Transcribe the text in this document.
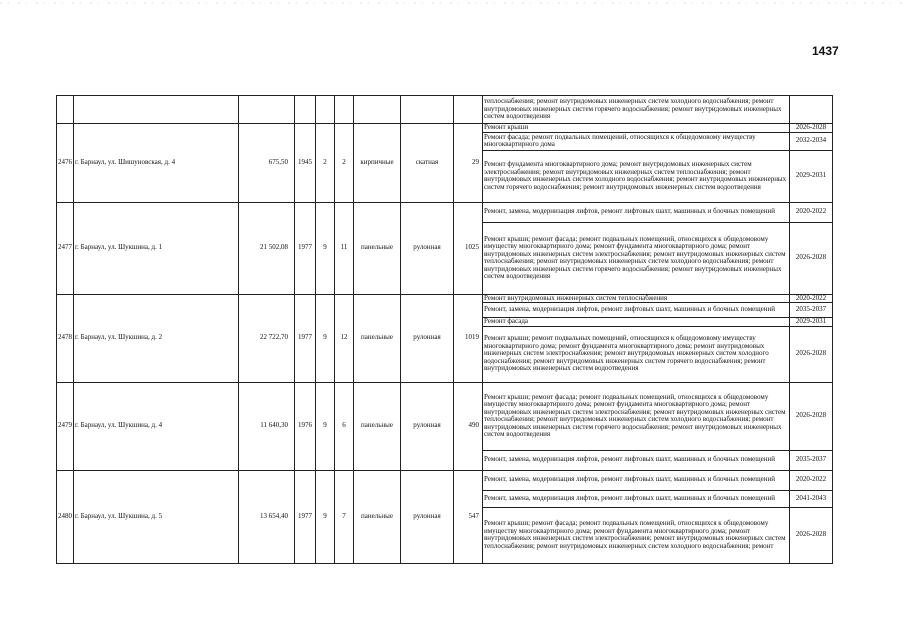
1437
									теплоснабжения; ремонт внутридомовых инженерных систем холодного водоснабжения; ремонт внутридомовых инженерных систем горячего водоснабжения; ремонт внутридомовых инженерных систем водоотведения	
2476	г. Барнаул, ул. Шишуновская, д. 4	675,50	1945	2	2	кирпичные	скатная	29	Ремонт крыши	2026-2028
									Ремонт фасада; ремонт подвальных помещений, относящихся к общедомовому имуществу многоквартирного дома	2032-2034
									Ремонт фундамента многоквартирного дома; ремонт внутридомовых инженерных систем электроснабжения; ремонт внутридомовых инженерных систем теплоснабжения; ремонт внутридомовых инженерных систем холодного водоснабжения; ремонт внутридомовых инженерных систем горячего водоснабжения; ремонт внутридомовых инженерных систем водоотведения	2029-2031
2477	г. Барнаул, ул. Шукшина, д. 1	21 502,08	1977	9	11	панельные	рулонная	1025	Ремонт, замена, модернизация лифтов, ремонт лифтовых шахт, машинных и блочных помещений	2020-2022
									Ремонт крыши; ремонт фасада; ремонт подвальных помещений, относящихся к общедомовому имуществу многоквартирного дома; ремонт фундамента многоквартирного дома; ремонт внутридомовых инженерных систем электроснабжения; ремонт внутридомовых инженерных систем теплоснабжения; ремонт внутридомовых инженерных систем холодного водоснабжения; ремонт внутридомовых инженерных систем горячего водоснабжения; ремонт внутридомовых инженерных систем водоотведения	2026-2028
2478	г. Барнаул, ул. Шукшина, д. 2	22 722,70	1977	9	12	панельные	рулонная	1019	Ремонт внутридомовых инженерных систем теплоснабжения	2020-2022
									Ремонт, замена, модернизация лифтов, ремонт лифтовых шахт, машинных и блочных помещений	2035-2037
									Ремонт фасада	2029-2031
									Ремонт крыши; ремонт подвальных помещений, относящихся к общедомовому имуществу многоквартирного дома; ремонт фундамента многоквартирного дома; ремонт внутридомовых инженерных систем электроснабжения; ремонт внутридомовых инженерных систем холодного водоснабжения; ремонт внутридомовых инженерных систем горячего водоснабжения; ремонт внутридомовых инженерных систем водоотведения	2026-2028
2479	г. Барнаул, ул. Шукшина, д. 4	11 640,30	1976	9	6	панельные	рулонная	490	Ремонт крыши; ремонт фасада; ремонт подвальных помещений, относящихся к общедомовому имуществу многоквартирного дома; ремонт фундамента многоквартирного дома; ремонт внутридомовых инженерных систем электроснабжения; ремонт внутридомовых инженерных систем теплоснабжения; ремонт внутридомовых инженерных систем холодного водоснабжения; ремонт внутридомовых инженерных систем горячего водоснабжения; ремонт внутридомовых инженерных систем водоотведения	2026-2028
									Ремонт, замена, модернизация лифтов, ремонт лифтовых шахт, машинных и блочных помещений	2035-2037
2480	г. Барнаул, ул. Шукшина, д. 5	13 654,40	1977	9	7	панельные	рулонная	547	Ремонт, замена, модернизация лифтов, ремонт лифтовых шахт, машинных и блочных помещений	2020-2022
									Ремонт, замена, модернизация лифтов, ремонт лифтовых шахт, машинных и блочных помещений	2041-2043
									Ремонт крыши; ремонт фасада; ремонт подвальных помещений, относящихся к общедомовому имуществу многоквартирного дома; ремонт фундамента многоквартирного дома; ремонт внутридомовых инженерных систем электроснабжения; ремонт внутридомовых инженерных систем теплоснабжения; ремонт внутридомовых инженерных систем холодного водоснабжения; ремонт	2026-2028
